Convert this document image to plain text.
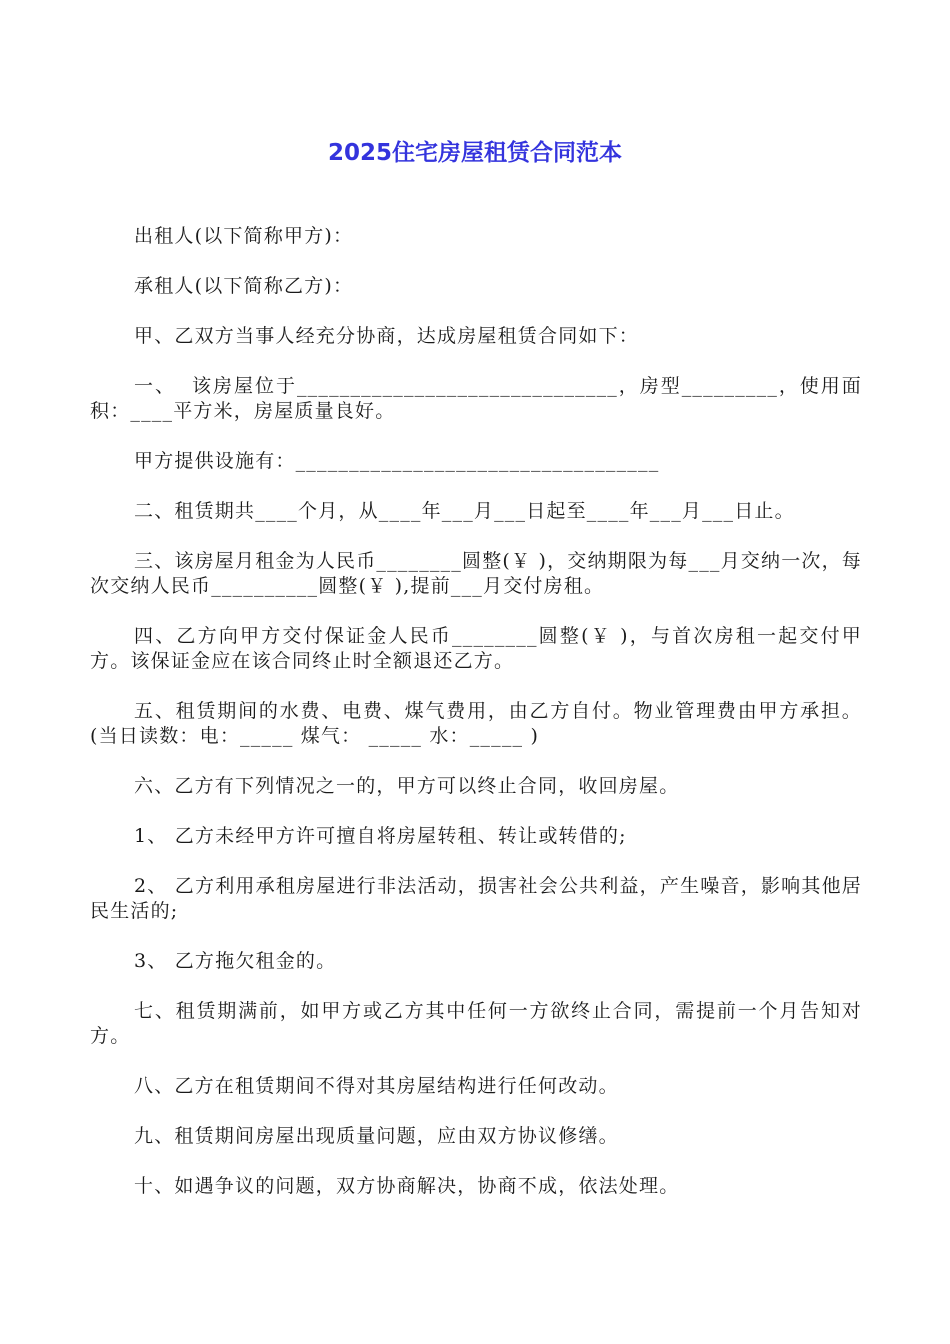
2025住宅房屋租赁合同范本

出租人(以下简称甲方)：

承租人(以下简称乙方)：

甲、乙双方当事人经充分协商，达成房屋租赁合同如下：

一、  该房屋位于______________________________，房型_________，使用面积：____平方米，房屋质量良好。

甲方提供设施有：__________________________________

二、租赁期共____个月，从____年___月___日起至____年___月___日止。

三、该房屋月租金为人民币________圆整(￥ )，交纳期限为每___月交纳一次，每次交纳人民币__________圆整(￥ ),提前___月交付房租。

四、乙方向甲方交付保证金人民币________圆整(￥ )，与首次房租一起交付甲方。该保证金应在该合同终止时全额退还乙方。

五、租赁期间的水费、电费、煤气费用，由乙方自付。物业管理费由甲方承担。(当日读数：电：_____ 煤气： _____ 水：_____ )

六、乙方有下列情况之一的，甲方可以终止合同，收回房屋。

1、 乙方未经甲方许可擅自将房屋转租、转让或转借的;

2、 乙方利用承租房屋进行非法活动，损害社会公共利益，产生噪音，影响其他居民生活的;

3、 乙方拖欠租金的。

七、租赁期满前，如甲方或乙方其中任何一方欲终止合同，需提前一个月告知对方。

八、乙方在租赁期间不得对其房屋结构进行任何改动。

九、租赁期间房屋出现质量问题，应由双方协议修缮。

十、如遇争议的问题，双方协商解决，协商不成，依法处理。
